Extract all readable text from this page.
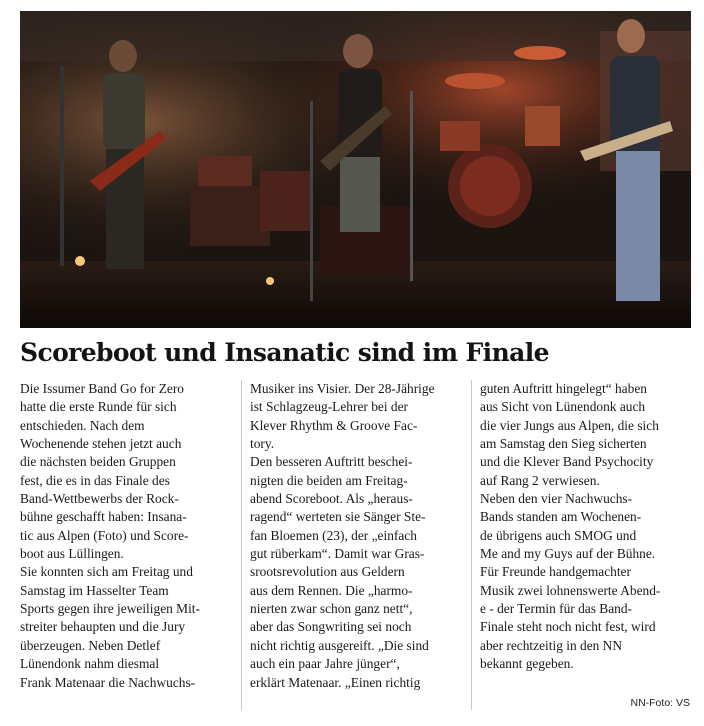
Scoreboot und Insanatic sind im Finale
Die Issumer Band Go for Zero
hatte die erste Runde für sich
entschieden. Nach dem
Wochenende stehen jetzt auch
die nächsten beiden Gruppen
fest, die es in das Finale des
Band-Wettbewerbs der Rock-
bühne geschafft haben: Insana-
tic aus Alpen (Foto) und Score-
boot aus Lüllingen.
Sie konnten sich am Freitag und
Samstag im Hasselter Team
Sports gegen ihre jeweiligen Mit-
streiter behaupten und die Jury
überzeugen. Neben Detlef
Lünendonk nahm diesmal
Frank Matenaar die Nachwuchs-
Musiker ins Visier. Der 28-Jährige
ist Schlagzeug-Lehrer bei der
Klever Rhythm & Groove Fac-
tory.
Den besseren Auftritt beschei-
nigten die beiden am Freitag-
abend Scoreboot. Als „heraus-
ragend“ werteten sie Sänger Ste-
fan Bloemen (23), der „einfach
gut rüberkam“. Damit war Gras-
srootsrevolution aus Geldern
aus dem Rennen. Die „harmo-
nierten zwar schon ganz nett“,
aber das Songwriting sei noch
nicht richtig ausgereift. „Die sind
auch ein paar Jahre jünger“,
erklärt Matenaar. „Einen richtig
guten Auftritt hingelegt“ haben
aus Sicht von Lünendonk auch
die vier Jungs aus Alpen, die sich
am Samstag den Sieg sicherten
und die Klever Band Psychocity
auf Rang 2 verwiesen.
Neben den vier Nachwuchs-
Bands standen am Wochenen-
de übrigens auch SMOG und
Me and my Guys auf der Bühne.
Für Freunde handgemachter
Musik zwei lohnenswerte Abend-
e - der Termin für das Band-
Finale steht noch nicht fest, wird
aber rechtzeitig in den NN
bekannt gegeben.
NN-Foto: VS
